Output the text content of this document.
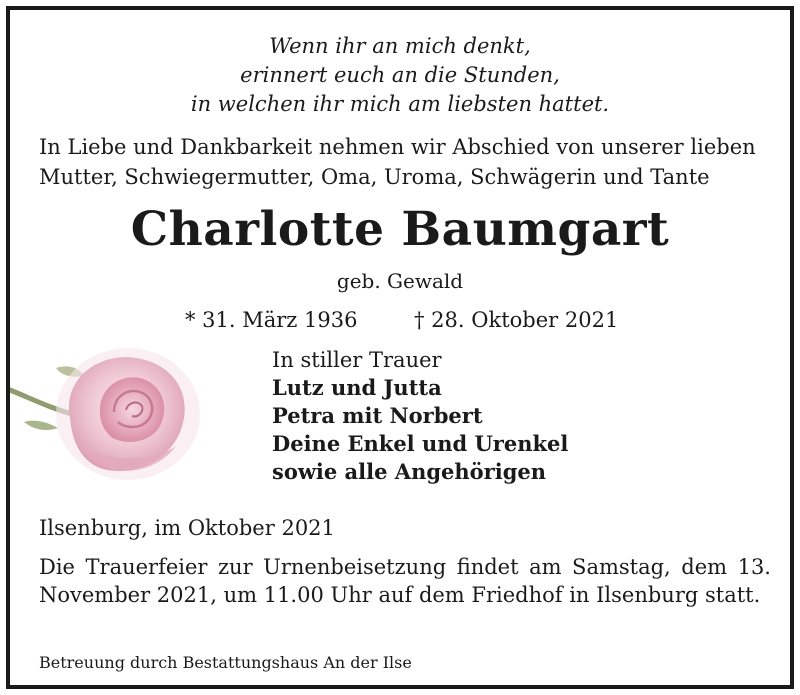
Wenn ihr an mich denkt,
erinnert euch an die Stunden,
in welchen ihr mich am liebsten hattet.
In Liebe und Dankbarkeit nehmen wir Abschied von unserer lieben
Mutter, Schwiegermutter, Oma, Uroma, Schwägerin und Tante
Charlotte Baumgart
geb. Gewald
* 31. März 1936	† 28. Oktober 2021
In stiller Trauer
Lutz und Jutta
Petra mit Norbert
Deine Enkel und Urenkel
sowie alle Angehörigen
Ilsenburg, im Oktober 2021
Die Trauerfeier zur Urnenbeisetzung findet am Samstag, dem 13. November 2021, um 11.00 Uhr auf dem Friedhof in Ilsenburg statt.
Betreuung durch Bestattungshaus An der Ilse
